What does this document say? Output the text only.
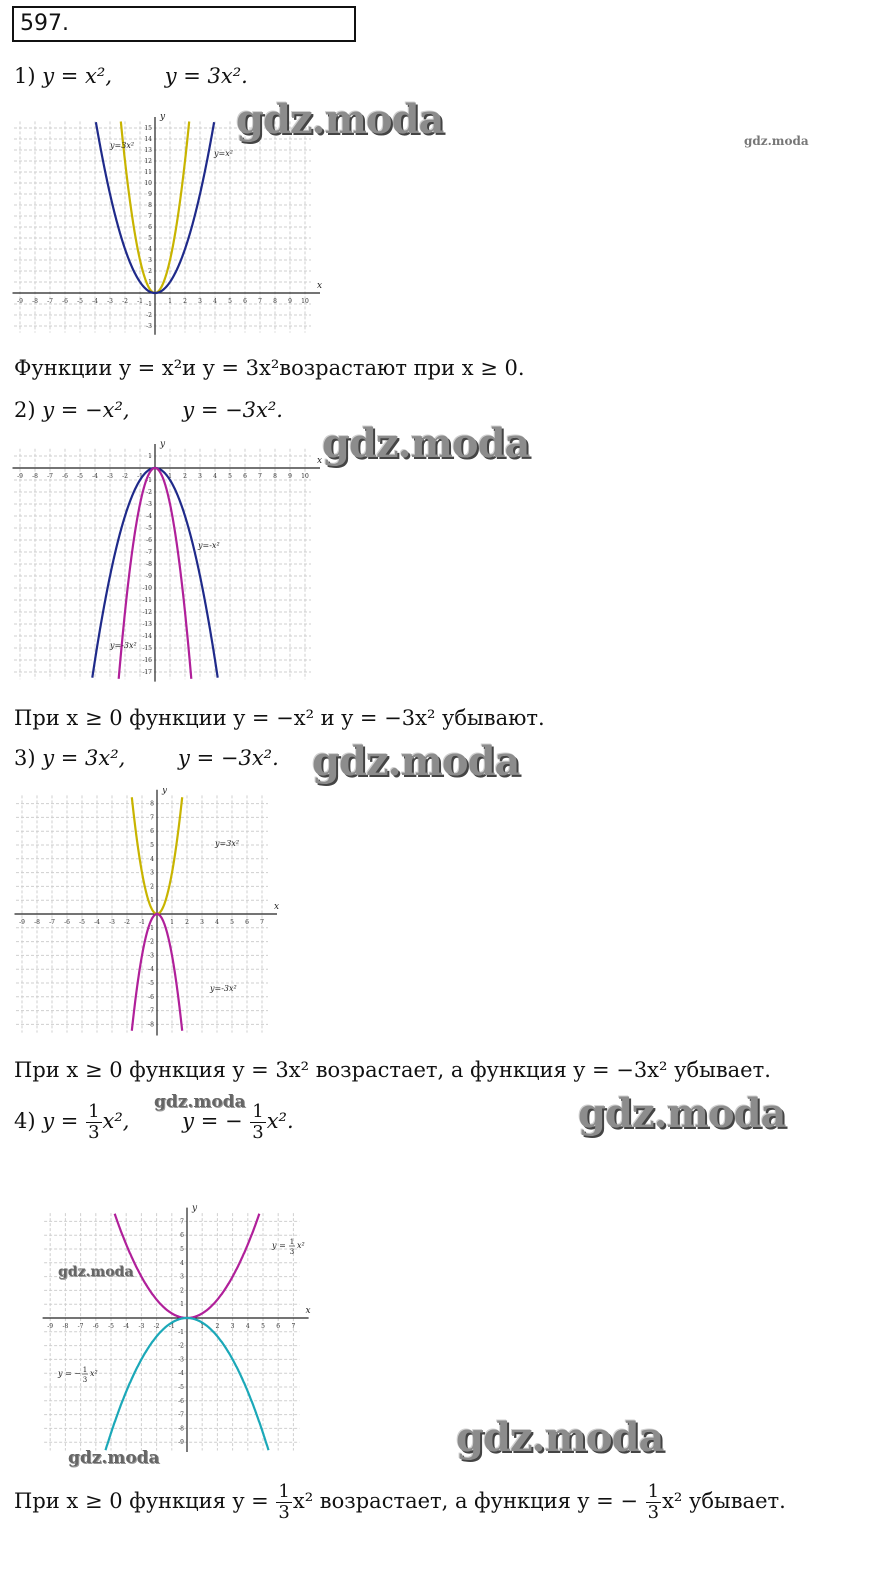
597.
1) y = x²,	y = 3x².
x
y
-9 -8 -7 -6 -5 -4 -3 -2 -1	1 2 3 4 5 6 7 8 9 10
-3
-2
-1
1
2
3
4
5
6
7
8
9
10
11
12
13
14
15
y=3x²
y=x²
Функции y = x²и y = 3x²возрастают при x ≥ 0.
2) y = −x²,	y = −3x².
x
y
-9 -8 -7 -6 -5 -4 -3 -2 -1	1 2 3 4 5 6 7 8 9 10
-17
-16
-15
-14
-13
-12
-11
-10
-9
-8
-7
-6
-5
-4
-3
-2
-1
1
y=-x²
y=-3x²
При x ≥ 0 функции y = −x² и y = −3x² убывают.
3) y = 3x²,	y = −3x².
x
y
-9 -8 -7 -6 -5 -4 -3 -2 -1	1 2 3 4 5 6 7
-8
-7
-6
-5
-4
-3
-2
-1
1
2
3
4
5
6
7
8
y=3x²
y=-3x²
При x ≥ 0 функция y = 3x² возрастает, а функция y = −3x² убывает.
4) $y = \frac{1}{3} x^2$,	y = − $\frac{1}{3} x^2$.
x
y
-9 -8 -7 -6 -5 -4 -3 -2 -1	1 2 3 4 5 6 7
-9
-8
-7
-6
-5
-4
-3
-2
-1
1
2
3
4
5
6
7
y = 1
3
x²
y = − 1
3
x²
При x ≥ 0 функция $y = \frac{1}{3} x^2$ возрастает, а функция y = − $\frac{1}{3} x^2$ убывает.
gdz.moda	gdz.moda
gdz.moda
gdz.moda
gdz.moda	gdz.moda
gdz.moda
gdz.moda
gdz.moda
